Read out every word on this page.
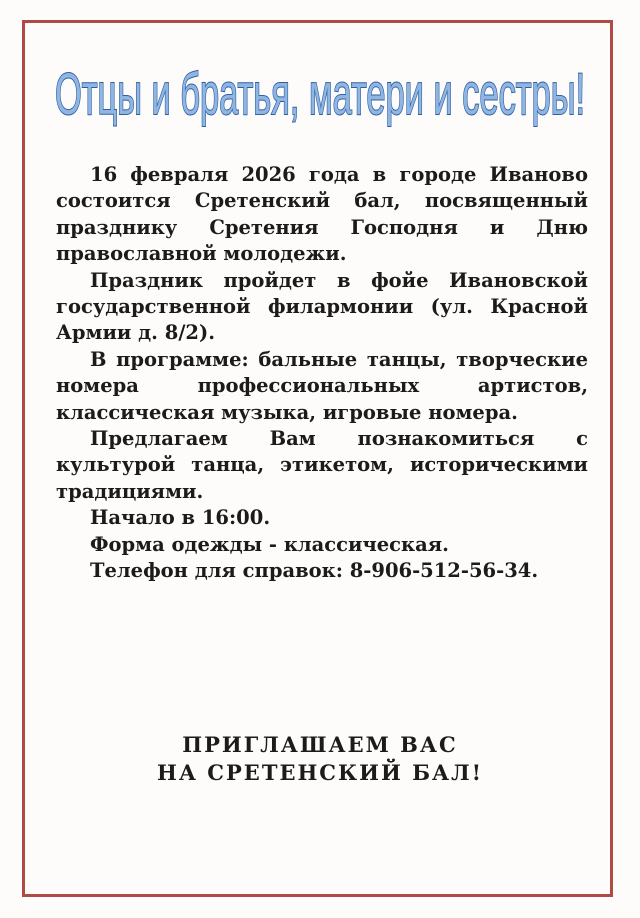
Отцы и братья, матери и сестры!

16 февраля 2026 года в городе Иваново состоится Сретенский бал, посвященный празднику Сретения Господня и Дню православной молодежи.

Праздник пройдет в фойе Ивановской государственной филармонии (ул. Красной Армии д. 8/2).

В программе: бальные танцы, творческие номера профессиональных артистов, классическая музыка, игровые номера.

Предлагаем Вам познакомиться с культурой танца, этикетом, историческими традициями.

Начало в 16:00.
Форма одежды - классическая.
Телефон для справок: 8-906-512-56-34.
ПРИГЛАШАЕМ ВАС
НА СРЕТЕНСКИЙ БАЛ!
